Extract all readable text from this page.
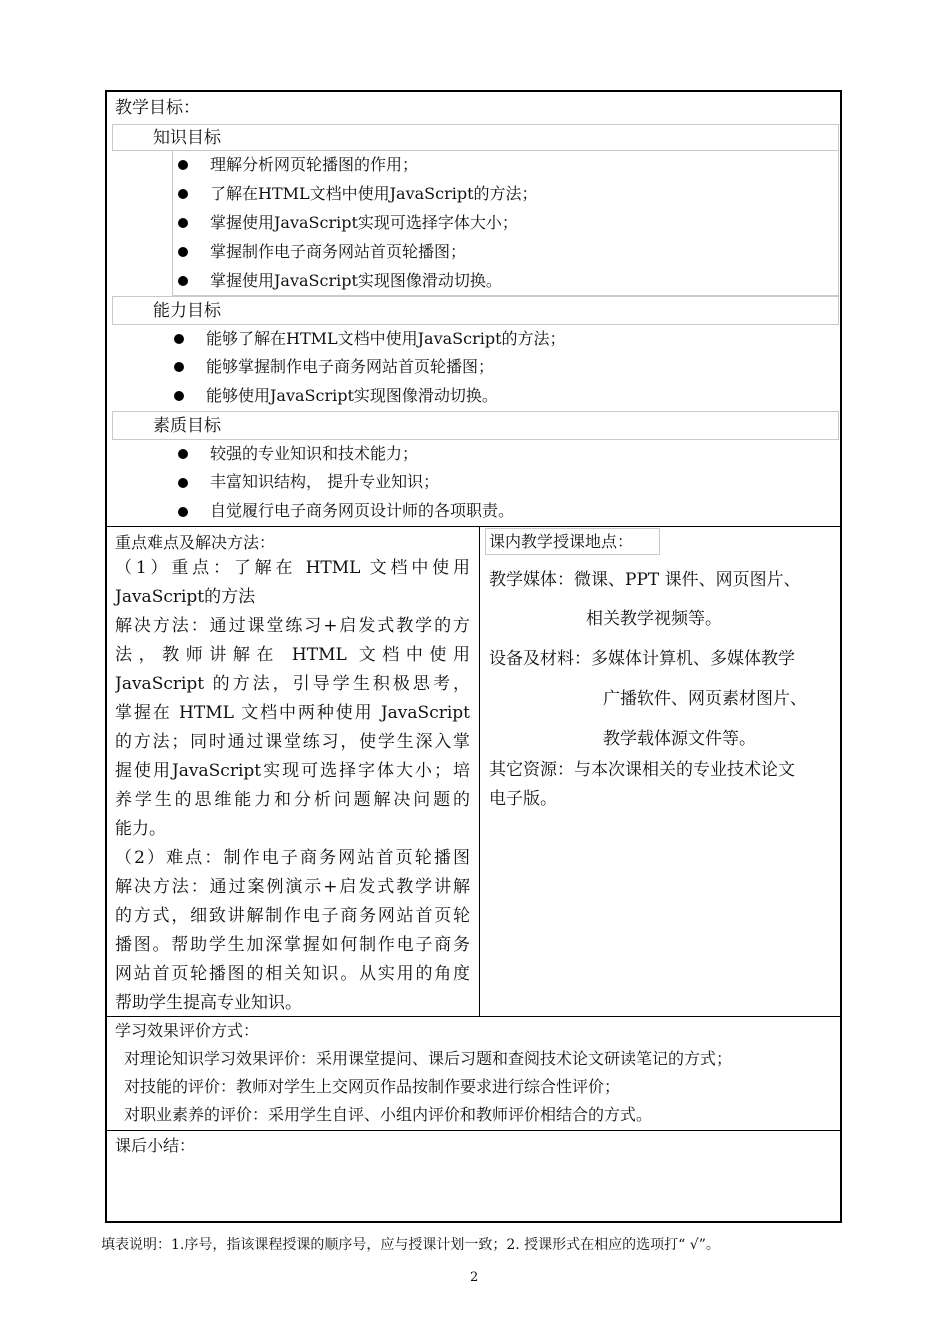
教学目标：
知识目标
理解分析网页轮播图的作用；
了解在HTML文档中使用JavaScript的方法；
掌握使用JavaScript实现可选择字体大小；
掌握制作电子商务网站首页轮播图；
掌握使用JavaScript实现图像滑动切换。
能力目标
能够了解在HTML文档中使用JavaScript的方法；
能够掌握制作电子商务网站首页轮播图；
能够使用JavaScript实现图像滑动切换。
素质目标
较强的专业知识和技术能力；
丰富知识结构， 提升专业知识；
自觉履行电子商务网页设计师的各项职责。
重点难点及解决方法：
（1）重点：了解在 HTML 文档中使用
JavaScript的方法
解决方法：通过课堂练习+启发式教学的方
法，教师讲解在 HTML 文档中使用
JavaScript 的方法，引导学生积极思考，
掌握在 HTML 文档中两种使用 JavaScript
的方法；同时通过课堂练习，使学生深入掌
握使用JavaScript实现可选择字体大小；培
养学生的思维能力和分析问题解决问题的
能力。
（2）难点：制作电子商务网站首页轮播图
解决方法：通过案例演示+启发式教学讲解
的方式，细致讲解制作电子商务网站首页轮
播图。帮助学生加深掌握如何制作电子商务
网站首页轮播图的相关知识。从实用的角度
帮助学生提高专业知识。
课内教学授课地点：
教学媒体：微课、PPT 课件、网页图片、
相关教学视频等。
设备及材料：多媒体计算机、多媒体教学
广播软件、网页素材图片、
教学载体源文件等。
其它资源：与本次课相关的专业技术论文
电子版。
学习效果评价方式：
对理论知识学习效果评价：采用课堂提问、课后习题和查阅技术论文研读笔记的方式；
对技能的评价：教师对学生上交网页作品按制作要求进行综合性评价；
对职业素养的评价：采用学生自评、小组内评价和教师评价相结合的方式。
课后小结：
填表说明：1.序号，指该课程授课的顺序号，应与授课计划一致；2. 授课形式在相应的选项打“ √”。
2
